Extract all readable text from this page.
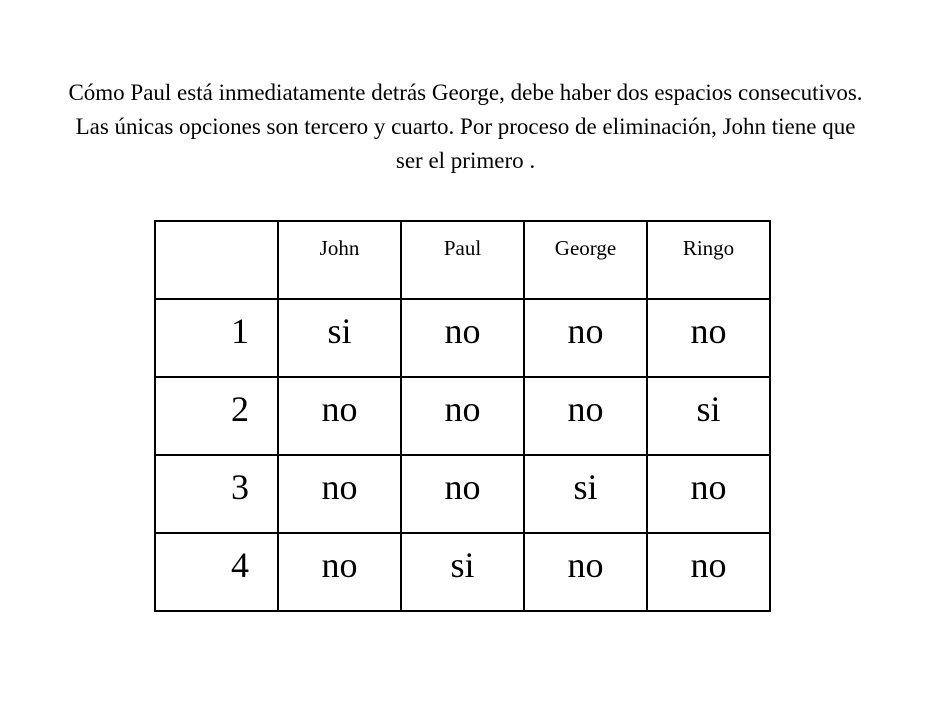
Cómo Paul está inmediatamente detrás George, debe haber dos espacios consecutivos. Las únicas opciones son tercero y cuarto. Por proceso de eliminación, John tiene que ser el primero .

	John	Paul	George	Ringo
1	si	no	no	no
2	no	no	no	si
3	no	no	si	no
4	no	si	no	no
